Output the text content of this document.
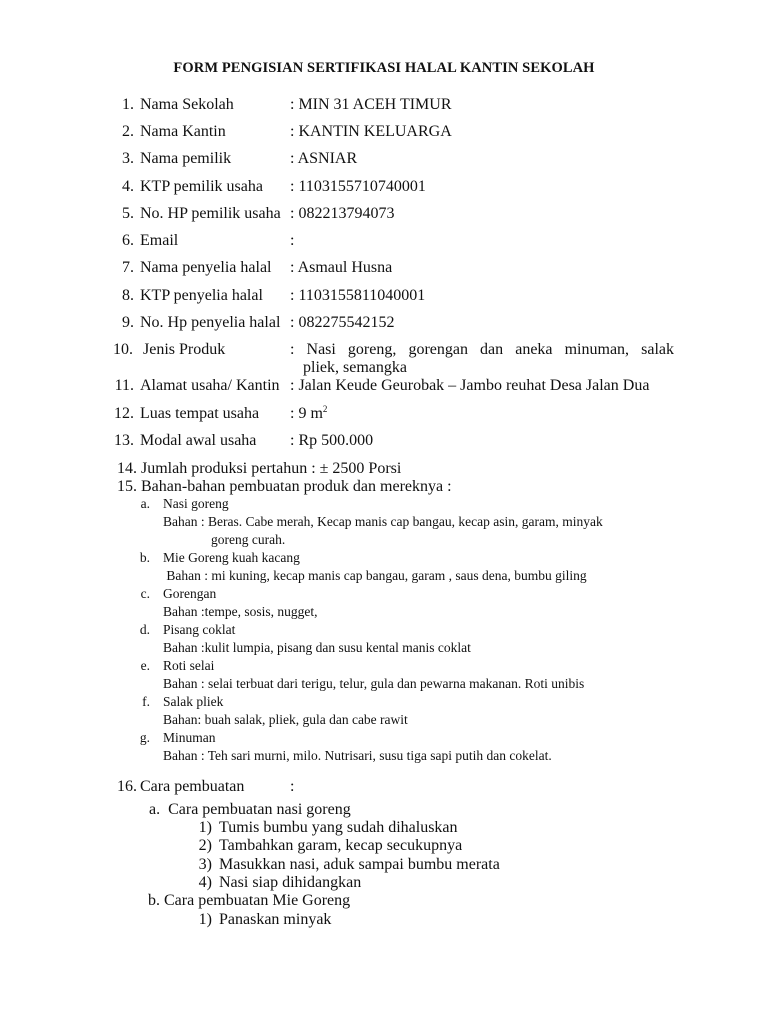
FORM PENGISIAN SERTIFIKASI HALAL KANTIN SEKOLAH
1. Nama Sekolah	: MIN 31 ACEH TIMUR
2. Nama Kantin	: KANTIN KELUARGA
3. Nama pemilik	: ASNIAR
4. KTP pemilik usaha : 1103155710740001
5. No. HP pemilik usaha : 082213794073
6. Email	:
7. Nama penyelia halal : Asmaul Husna
8. KTP penyelia halal : 1103155811040001
9. No. Hp penyelia halal : 082275542152
10. Jenis Produk	: Nasi goreng, gorengan dan aneka minuman, salak
pliek, semangka
11. Alamat usaha/ Kantin : Jalan Keude Geurobak – Jambo reuhat Desa Jalan Dua
12. Luas tempat usaha : 9 $m^2$
13. Modal awal usaha : Rp 500.000
14. Jumlah produksi pertahun : ± 2500 Porsi
15. Bahan-bahan pembuatan produk dan mereknya :
a. Nasi goreng
Bahan : Beras. Cabe merah, Kecap manis cap bangau, kecap asin, garam, minyak
goreng curah.
b. Mie Goreng kuah kacang
Bahan : mi kuning, kecap manis cap bangau, garam , saus dena, bumbu giling
c. Gorengan
Bahan :tempe, sosis, nugget,
d. Pisang coklat
Bahan :kulit lumpia, pisang dan susu kental manis coklat
e. Roti selai
Bahan : selai terbuat dari terigu, telur, gula dan pewarna makanan. Roti unibis
f. Salak pliek
Bahan: buah salak, pliek, gula dan cabe rawit
g. Minuman
Bahan : Teh sari murni, milo. Nutrisari, susu tiga sapi putih dan cokelat.
16. Cara pembuatan	:
a.  Cara pembuatan nasi goreng
1) Tumis bumbu yang sudah dihaluskan
2) Tambahkan garam, kecap secukupnya
3) Masukkan nasi, aduk sampai bumbu merata
4) Nasi siap dihidangkan
b. Cara pembuatan Mie Goreng
1) Panaskan minyak
